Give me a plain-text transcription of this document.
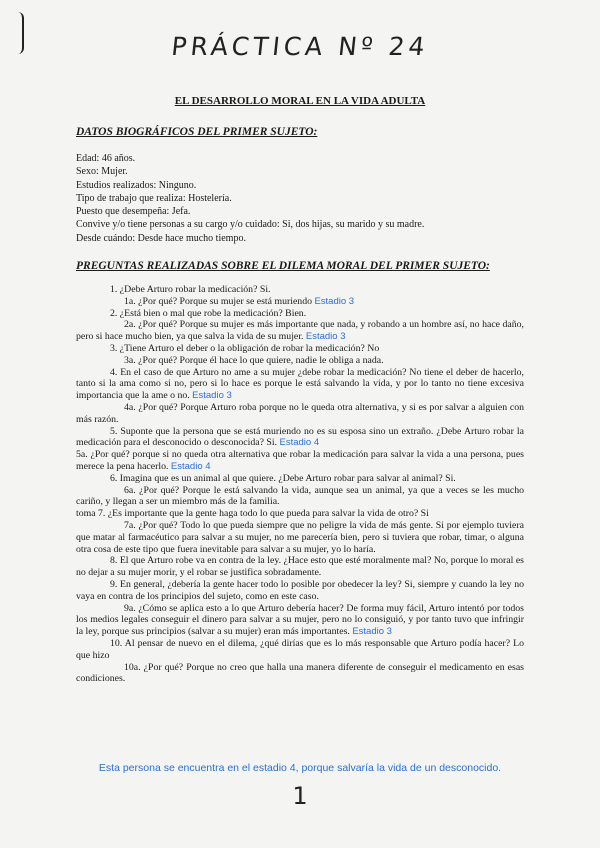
PRÁCTICA Nº 24
EL DESARROLLO MORAL EN LA VIDA ADULTA
DATOS BIOGRÁFICOS DEL PRIMER SUJETO:
Edad: 46 años.
Sexo: Mujer.
Estudios realizados: Ninguno.
Tipo de trabajo que realiza: Hostelería.
Puesto que desempeña: Jefa.
Convive y/o tiene personas a su cargo y/o cuidado: Si, dos hijas, su marido y su madre.
Desde cuándo: Desde hace mucho tiempo.
PREGUNTAS REALIZADAS SOBRE EL DILEMA MORAL DEL PRIMER SUJETO:

1. ¿Debe Arturo robar la medicación? Si.

1a. ¿Por qué? Porque su mujer se está muriendo Estadio 3

2. ¿Está bien o mal que robe la medicación? Bien.

2a. ¿Por qué? Porque su mujer es más importante que nada, y robando a un hombre así, no hace daño, pero si hace mucho bien, ya que salva la vida de su mujer. Estadio 3

3. ¿Tiene Arturo el deber o la obligación de robar la medicación? No

3a. ¿Por qué? Porque él hace lo que quiere, nadie le obliga a nada.

4. En el caso de que Arturo no ame a su mujer ¿debe robar la medicación? No tiene el deber de hacerlo, tanto si la ama como si no, pero si lo hace es porque le está salvando la vida, y por lo tanto no tiene excesiva importancia que la ame o no. Estadio 3

4a. ¿Por qué? Porque Arturo roba porque no le queda otra alternativa, y si es por salvar a alguien con más razón.

5. Suponte que la persona que se está muriendo no es su esposa sino un extraño. ¿Debe Arturo robar la medicación para el desconocido o desconocida? Si. Estadio 4

5a. ¿Por qué? porque si no queda otra alternativa que robar la medicación para salvar la vida a una persona, pues merece la pena hacerlo. Estadio 4

6. Imagina que es un animal al que quiere. ¿Debe Arturo robar para salvar al animal? Si.

6a. ¿Por qué? Porque le está salvando la vida, aunque sea un animal, ya que a veces se les mucho cariño, y llegan a ser un miembro más de la familia.

toma 7. ¿Es importante que la gente haga todo lo que pueda para salvar la vida de otro? Si

7a. ¿Por qué? Todo lo que pueda siempre que no peligre la vida de más gente. Si por ejemplo tuviera que matar al farmacéutico para salvar a su mujer, no me parecería bien, pero si tuviera que robar, timar, o alguna otra cosa de este tipo que fuera inevitable para salvar a su mujer, yo lo haría.

8. El que Arturo robe va en contra de la ley. ¿Hace esto que esté moralmente mal? No, porque lo moral es no dejar a su mujer morir, y el robar se justifica sobradamente.

9. En general, ¿debería la gente hacer todo lo posible por obedecer la ley? Si, siempre y cuando la ley no vaya en contra de los principios del sujeto, como en este caso.

9a. ¿Cómo se aplica esto a lo que Arturo debería hacer? De forma muy fácil, Arturo intentó por todos los medios legales conseguir el dinero para salvar a su mujer, pero no lo consiguió, y por tanto tuvo que infringir la ley, porque sus principios (salvar a su mujer) eran más importantes. Estadio 3

10. Al pensar de nuevo en el dilema, ¿qué dirías que es lo más responsable que Arturo podía hacer? Lo que hizo

10a. ¿Por qué? Porque no creo que halla una manera diferente de conseguir el medicamento en esas condiciones.

Esta persona se encuentra en el estadio 4, porque salvaría la vida de un desconocido.
1
